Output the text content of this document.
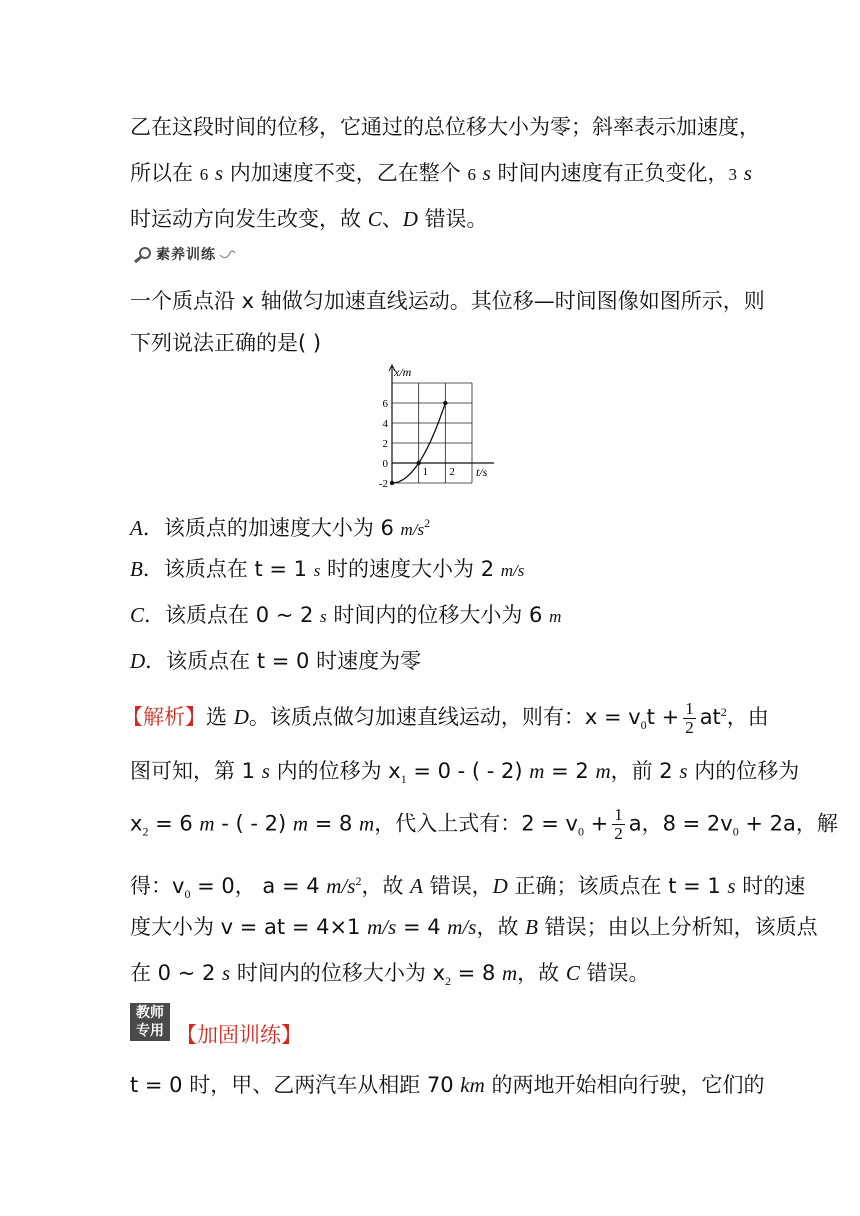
乙在这段时间的位移，它通过的总位移大小为零；斜率表示加速度，
所以在 6 s 内加速度不变，乙在整个 6 s 时间内速度有正负变化，3 s
时运动方向发生改变，故 C、D 错误。
素养训练
一个质点沿 x 轴做匀加速直线运动。其位移—时间图像如图所示，则
下列说法正确的是( )
-2
0
2
4
6
1 2
x/m
t/s
A．该质点的加速度大小为 6 $m/s^2$
B．该质点在 t = 1 s 时的速度大小为 2 m/s
C．该质点在 0 ~ 2 s 时间内的位移大小为 6 m
D．该质点在 t = 0 时速度为零
【解析】选 D。该质点做匀加速直线运动，则有：$x = v_0t + \frac{1}{2} at^2$，由
图可知，第 1 s 内的位移为 $x_1 = 0$ - ( - 2) m = 2 m，前 2 s 内的位移为
$x_2 = 6$ m - ( - 2) m = 8 m，代入上式有：$2 = v_0 + \frac{1}{2}$ a，$8 = 2v_0 + 2a$，解
得：$v_0 = 0$， a = 4 $m/s^2$，故 A 错误，D 正确；该质点在 t = 1 s 时的速
度大小为 v = at = 4×1 m/s = 4 m/s，故 B 错误；由以上分析知，该质点
在 0 ~ 2 s 时间内的位移大小为 $x_2 = 8$ m，故 C 错误。
教师
专用 【加固训练】
t = 0 时，甲、乙两汽车从相距 70 km 的两地开始相向行驶，它们的
